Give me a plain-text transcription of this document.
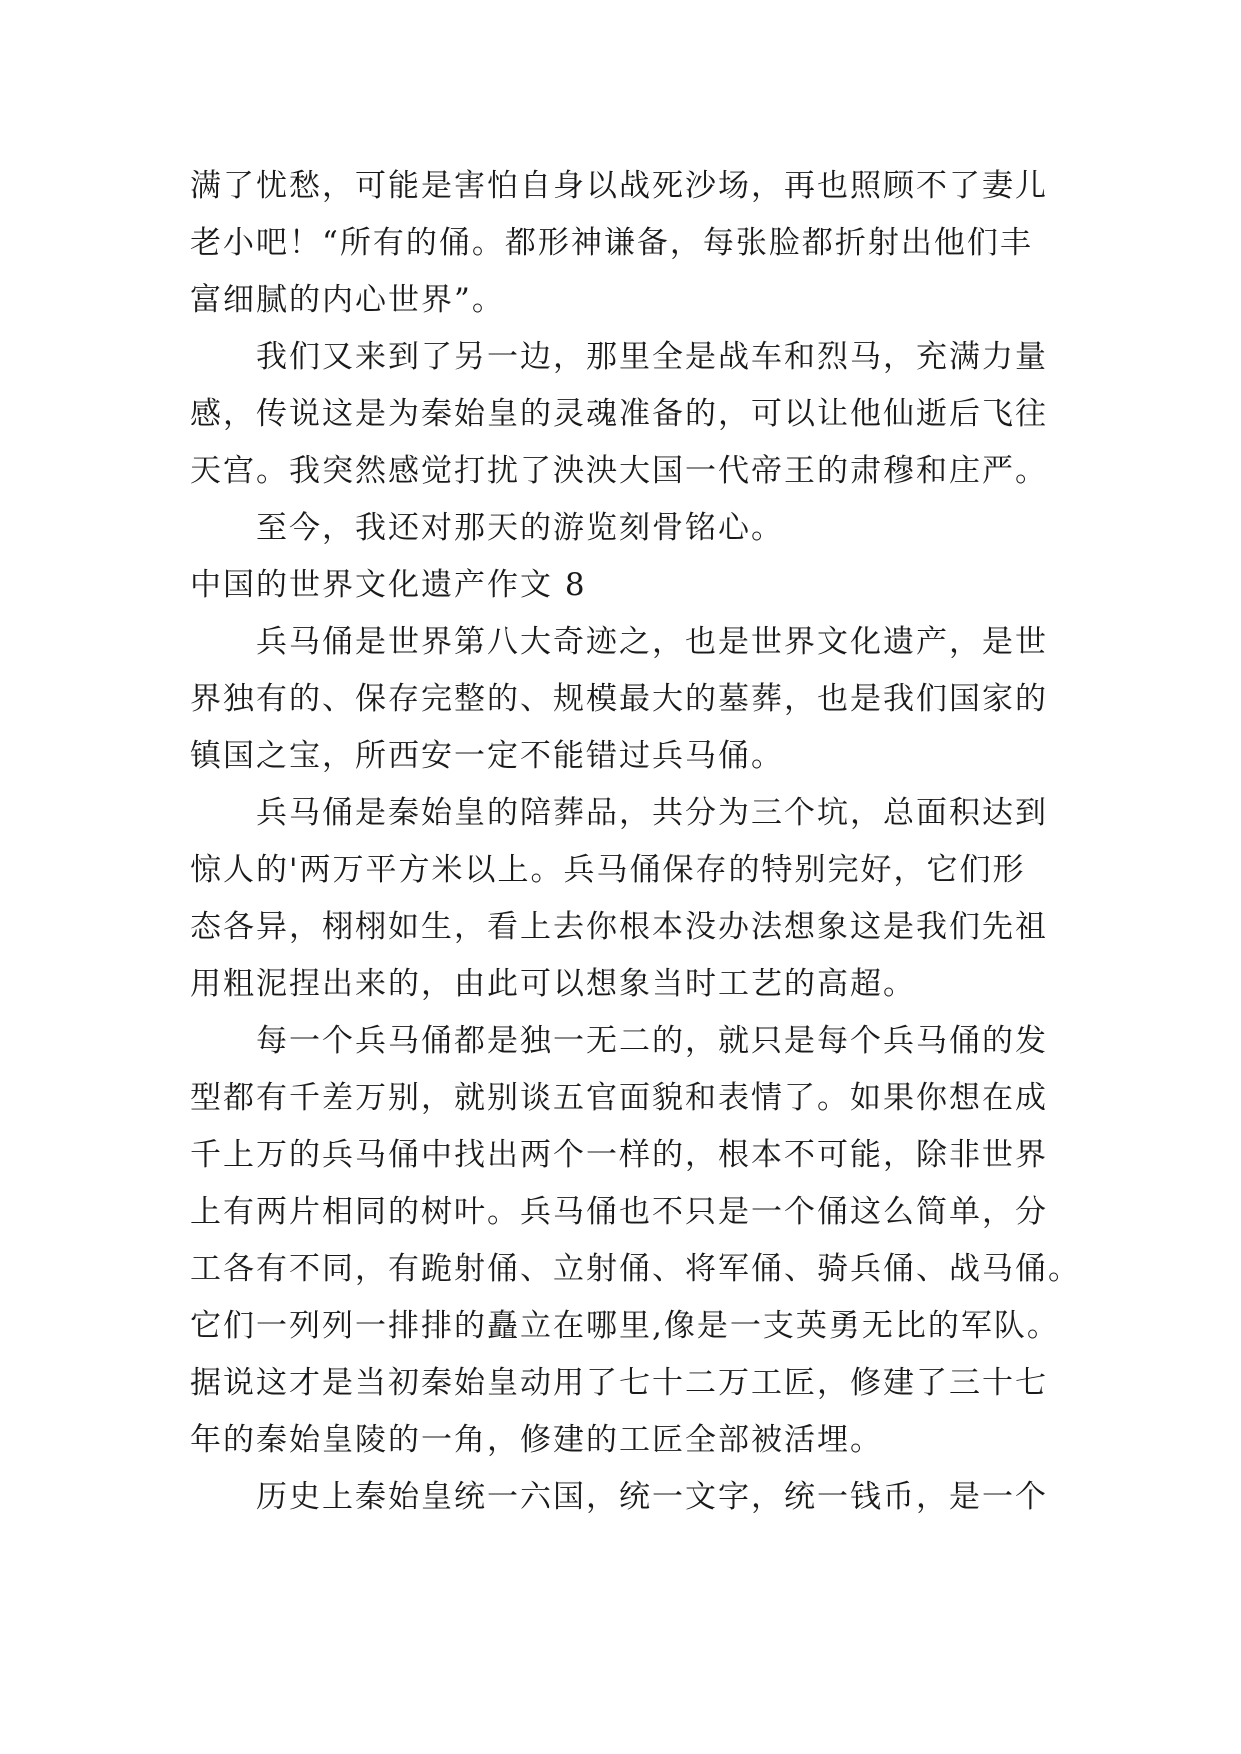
满了忧愁，可能是害怕自身以战死沙场，再也照顾不了妻儿
老小吧！“所有的俑。都形神谦备，每张脸都折射出他们丰
富细腻的内心世界”。
我们又来到了另一边，那里全是战车和烈马，充满力量
感，传说这是为秦始皇的灵魂准备的，可以让他仙逝后飞往
天宫。我突然感觉打扰了泱泱大国一代帝王的肃穆和庄严。
至今，我还对那天的游览刻骨铭心。
中国的世界文化遗产作文 8
兵马俑是世界第八大奇迹之，也是世界文化遗产，是世
界独有的、保存完整的、规模最大的墓葬，也是我们国家的
镇国之宝，所西安一定不能错过兵马俑。
兵马俑是秦始皇的陪葬品，共分为三个坑，总面积达到
惊人的'两万平方米以上。兵马俑保存的特别完好，它们形
态各异，栩栩如生，看上去你根本没办法想象这是我们先祖
用粗泥捏出来的，由此可以想象当时工艺的高超。
每一个兵马俑都是独一无二的，就只是每个兵马俑的发
型都有千差万别，就别谈五官面貌和表情了。如果你想在成
千上万的兵马俑中找出两个一样的，根本不可能，除非世界
上有两片相同的树叶。兵马俑也不只是一个俑这么简单，分
工各有不同，有跪射俑、立射俑、将军俑、骑兵俑、战马俑。
它们一列列一排排的矗立在哪里,像是一支英勇无比的军队。
据说这才是当初秦始皇动用了七十二万工匠，修建了三十七
年的秦始皇陵的一角，修建的工匠全部被活埋。
历史上秦始皇统一六国，统一文字，统一钱币，是一个
